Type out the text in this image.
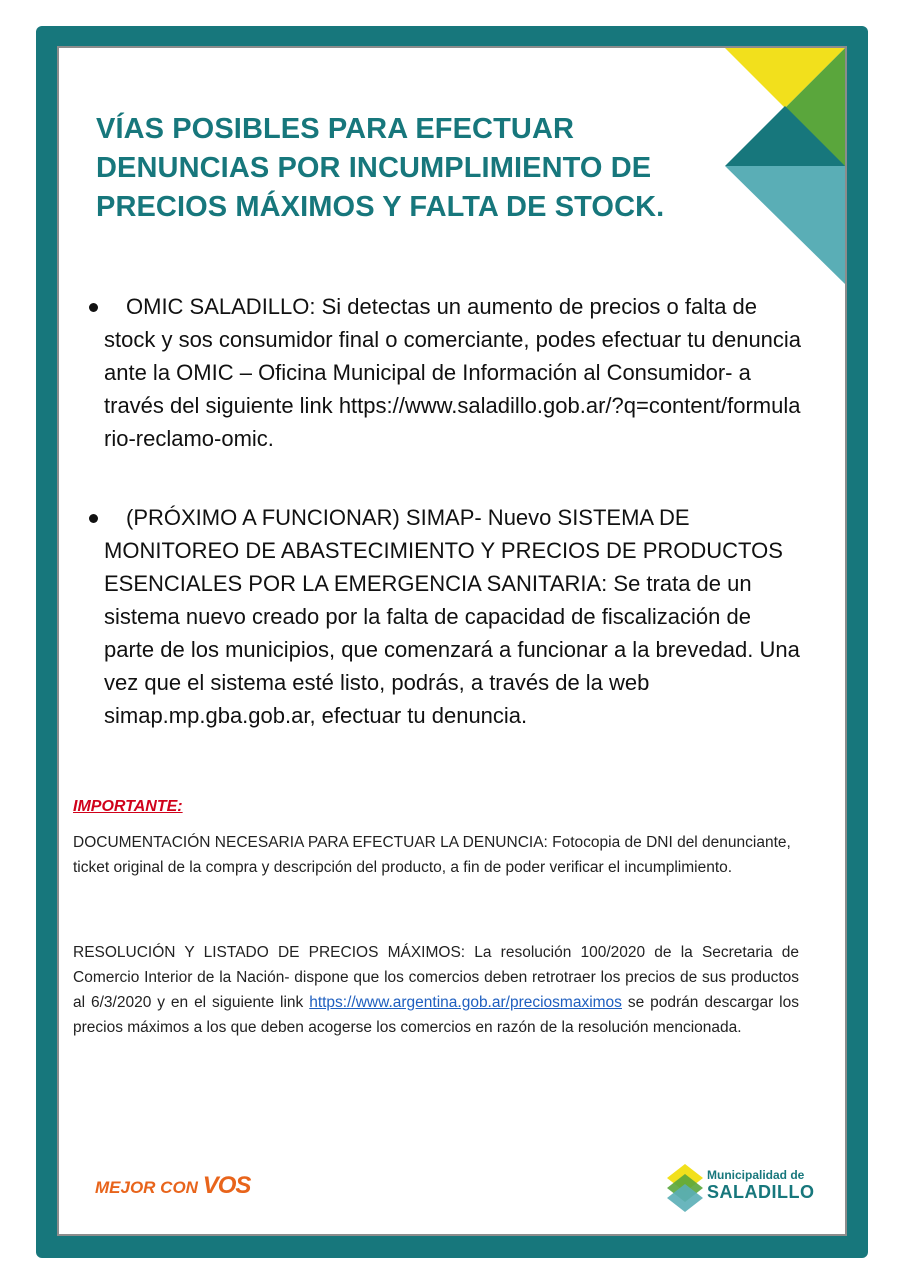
VÍAS POSIBLES PARA EFECTUAR DENUNCIAS POR INCUMPLIMIENTO DE PRECIOS MÁXIMOS Y FALTA DE STOCK.
OMIC SALADILLO: Si detectas un aumento de precios o falta de stock y sos consumidor final o comerciante, podes efectuar tu denuncia ante la OMIC – Oficina Municipal de Información al Consumidor- a través del siguiente link https://www.saladillo.gob.ar/?q=content/formulario-reclamo-omic.
(PRÓXIMO A FUNCIONAR) SIMAP- Nuevo SISTEMA DE MONITOREO DE ABASTECIMIENTO Y PRECIOS DE PRODUCTOS ESENCIALES POR LA EMERGENCIA SANITARIA: Se trata de un sistema nuevo creado por la falta de capacidad de fiscalización de parte de los municipios, que comenzará a funcionar a la brevedad. Una vez que el sistema esté listo, podrás, a través de la web simap.mp.gba.gob.ar, efectuar tu denuncia.
IMPORTANTE:

DOCUMENTACIÓN NECESARIA PARA EFECTUAR LA DENUNCIA: Fotocopia de DNI del denunciante, ticket original de la compra y descripción del producto, a fin de poder verificar el incumplimiento.

RESOLUCIÓN Y LISTADO DE PRECIOS MÁXIMOS: La resolución 100/2020 de la Secretaria de Comercio Interior de la Nación- dispone que los comercios deben retrotraer los precios de sus productos al 6/3/2020 y en el siguiente link https://www.argentina.gob.ar/preciosmaximos se podrán descargar los precios máximos a los que deben acogerse los comercios en razón de la resolución mencionada.

MEJOR CON VOS	Municipalidad de
SALADILLO
